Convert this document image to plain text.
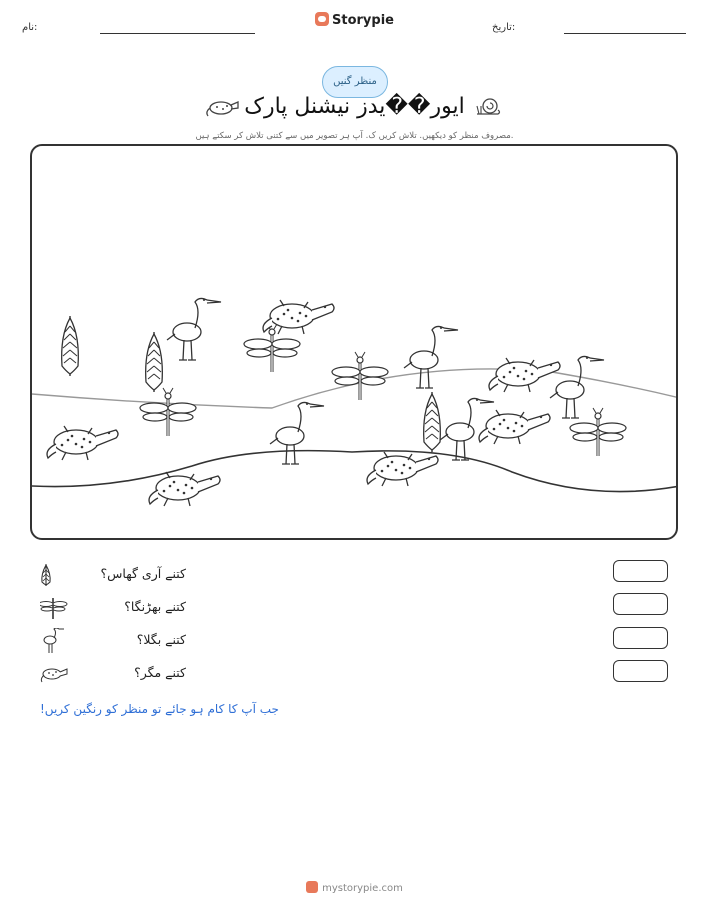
نام:	Storypie	تاریخ:
منظر گنیں
ایور��یدز نیشنل پارک
مصروف منظر کو دیکھیں. تلاش کریں ک. آپ ہر تصویر میں سے کتنی تلاش کر سکتے ہیں.
کتنے آری گھاس؟
کتنے بھڑنگا؟
کتنے بگلا؟
کتنے مگر؟
جب آپ کا کام ہو جائے تو منظر کو رنگین کریں!
mystorypie.com
